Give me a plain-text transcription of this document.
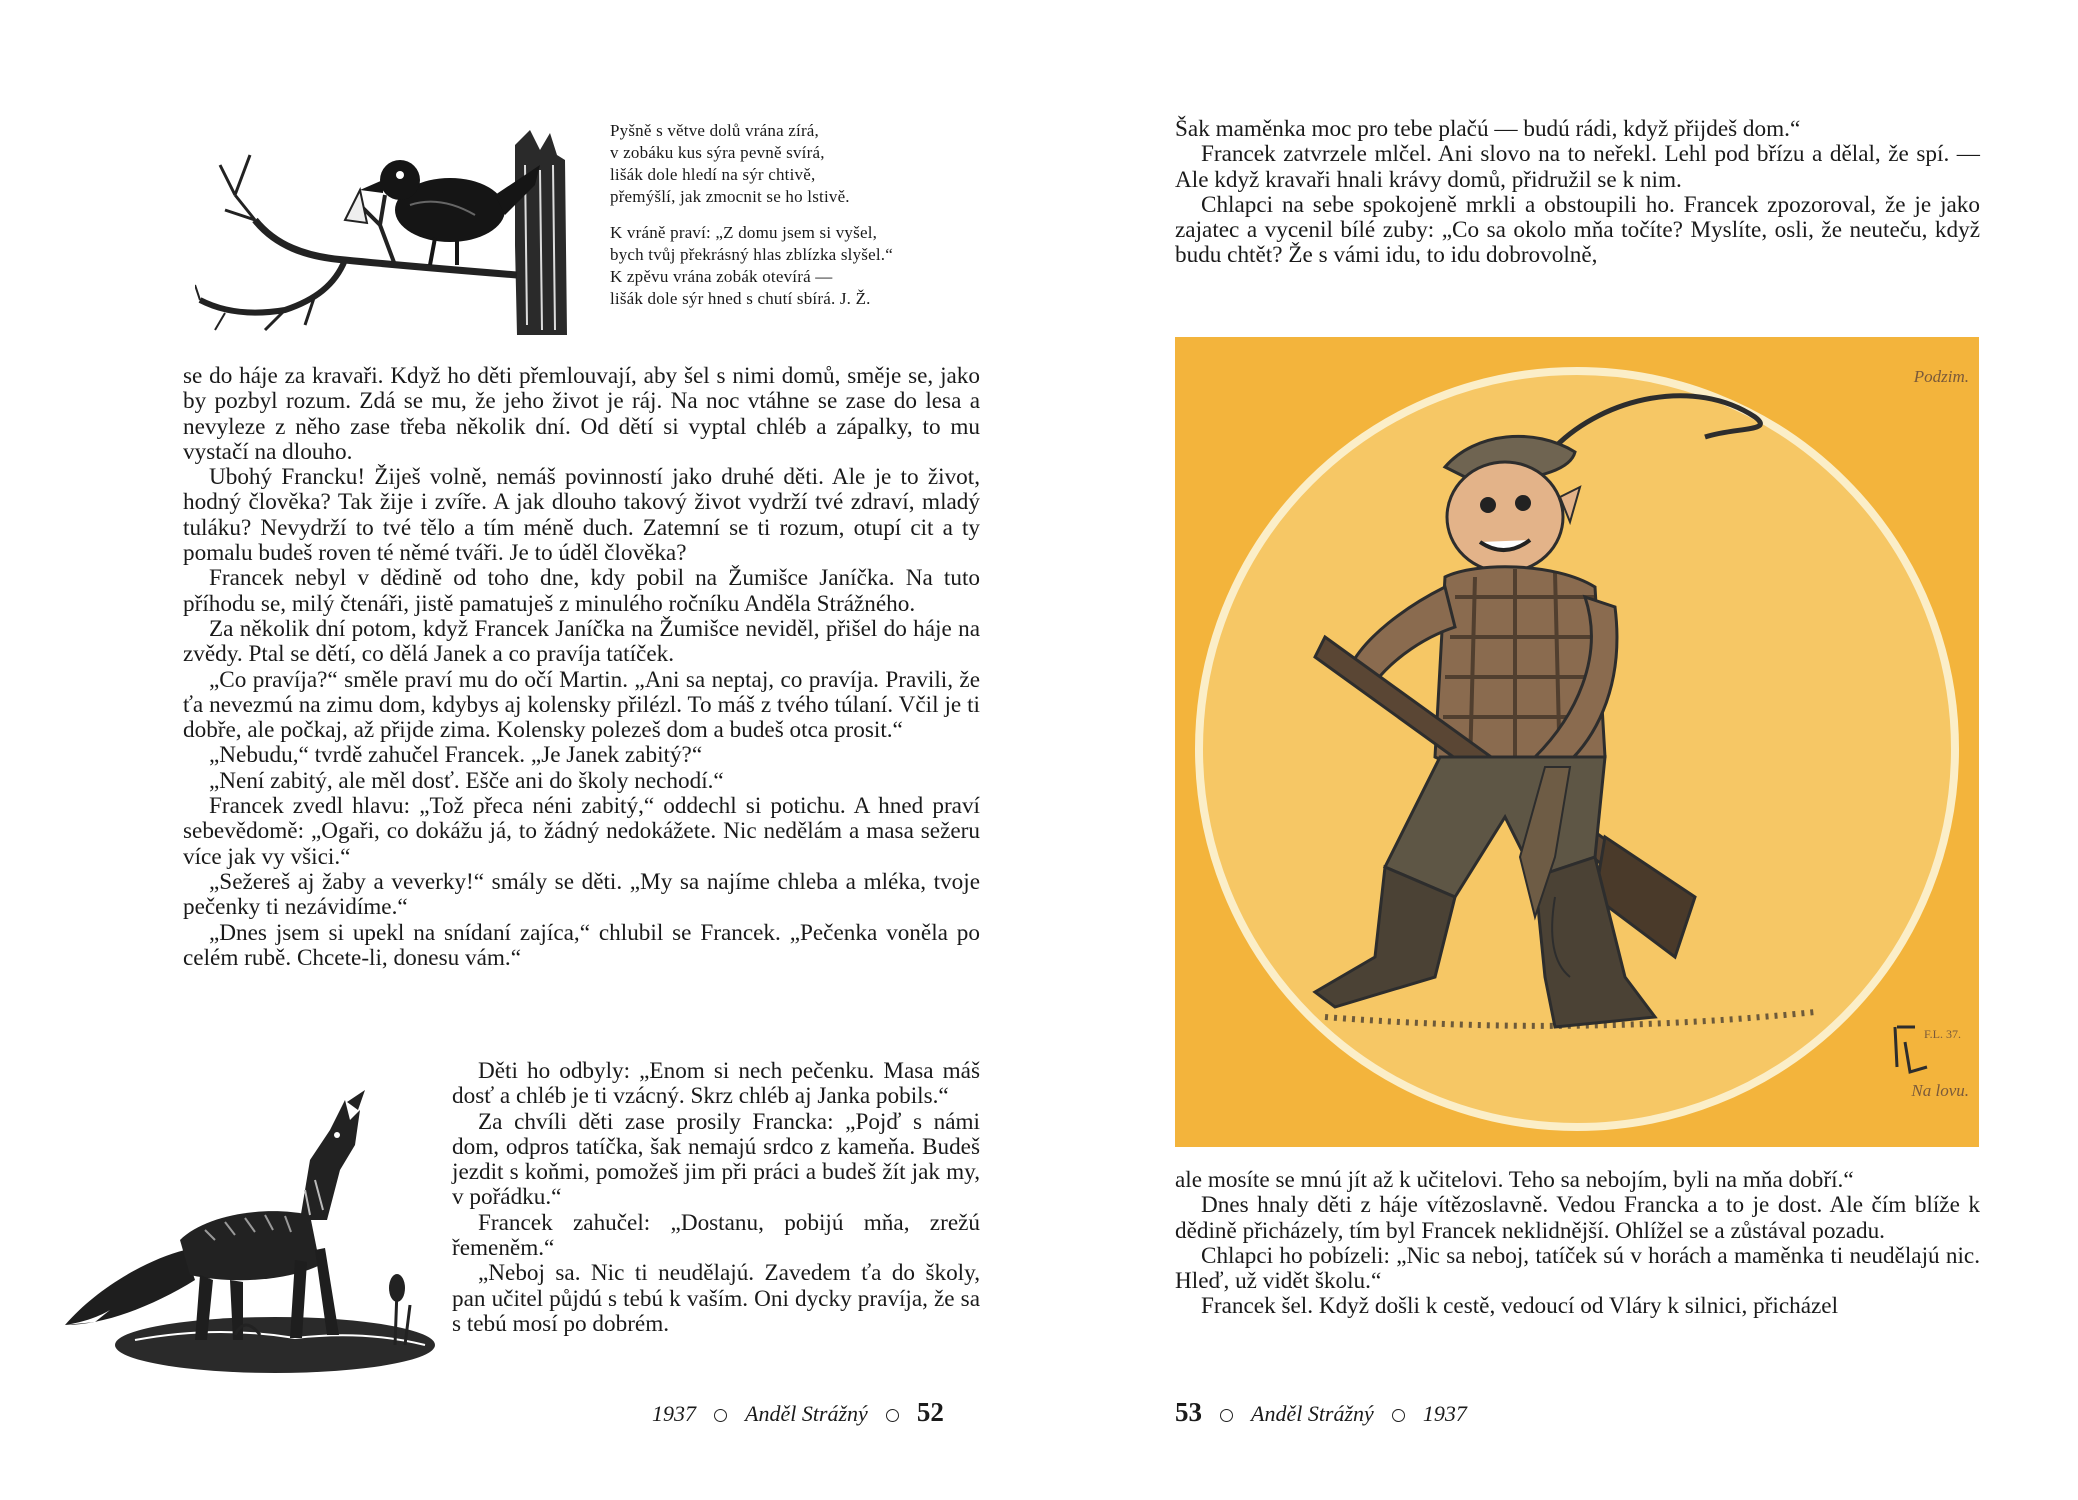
Pyšně s větve dolů vrána zírá,

v zobáku kus sýra pevně svírá,

lišák dole hledí na sýr chtivě,

přemýšlí, jak zmocnit se ho lstivě.

K vráně praví: „Z domu jsem si vyšel,

bych tvůj překrásný hlas zblízka slyšel.“

K zpěvu vrána zobák otevírá —

lišák dole sýr hned s chutí sbírá. J. Ž.

se do háje za kravaři. Když ho děti přemlouvají, aby šel s nimi domů, směje se, jako by pozbyl rozum. Zdá se mu, že jeho život je ráj. Na noc vtáhne se zase do lesa a nevyleze z něho zase třeba několik dní. Od dětí si vyptal chléb a zápalky, to mu vystačí na dlouho.

Ubohý Francku! Žiješ volně, nemáš povinností jako druhé děti. Ale je to život, hodný člověka? Tak žije i zvíře. A jak dlouho takový život vydrží tvé zdraví, mladý tuláku? Nevydrží to tvé tělo a tím méně duch. Zatemní se ti rozum, otupí cit a ty pomalu budeš roven té němé tváři. Je to úděl člověka?

Francek nebyl v dědině od toho dne, kdy pobil na Žumišce Janíčka. Na tuto příhodu se, milý čtenáři, jistě pamatuješ z minulého ročníku Anděla Strážného.

Za několik dní potom, když Francek Janíčka na Žumišce neviděl, přišel do háje na zvědy. Ptal se dětí, co dělá Janek a co pravíja tatíček.

„Co pravíja?“ směle praví mu do očí Martin. „Ani sa neptaj, co pravíja. Pravili, že ťa nevezmú na zimu dom, kdybys aj kolensky přilézl. To máš z tvého túlaní. Včil je ti dobře, ale počkaj, až přijde zima. Kolensky polezeš dom a budeš otca prosit.“

„Nebudu,“ tvrdě zahučel Francek. „Je Janek zabitý?“

„Není zabitý, ale měl dosť. Ešče ani do školy nechodí.“

Francek zvedl hlavu: „Tož přeca néni zabitý,“ oddechl si potichu. A hned praví sebevědomě: „Ogaři, co dokážu já, to žádný nedokážete. Nic nedělám a masa sežeru více jak vy všici.“

„Sežereš aj žaby a veverky!“ smály se děti. „My sa najíme chleba a mléka, tvoje pečenky ti nezávidíme.“

„Dnes jsem si upekl na snídaní zajíca,“ chlubil se Francek. „Pečenka voněla po celém rubě. Chcete-li, donesu vám.“

Děti ho odbyly: „Enom si nech pečenku. Masa máš dosť a chléb je ti vzácný. Skrz chléb aj Janka pobils.“

Za chvíli děti zase prosily Francka: „Pojď s námi dom, odpros tatíčka, šak nemajú srdco z kameňa. Budeš jezdit s koňmi, pomožeš jim při práci a budeš žít jak my, v pořádku.“

Francek zahučel: „Dostanu, pobijú mňa, zrežú řemeněm.“

„Neboj sa. Nic ti neudělajú. Zavedem ťa do školy, pan učitel půjdú s tebú k vaším. Oni dycky pravíja, že sa s tebú mosí po dobrém.

1937 Anděl Strážný 52

Šak maměnka moc pro tebe plačú — budú rádi, když přijdeš dom.“

Francek zatvrzele mlčel. Ani slovo na to neřekl. Lehl pod břízu a dělal, že spí. — Ale když kravaři hnali krávy domů, přidružil se k nim.

Chlapci na sebe spokojeně mrkli a obstoupili ho. Francek zpozoroval, že je jako zajatec a vycenil bílé zuby: „Co sa okolo mňa točíte? Myslíte, osli, že neuteču, když budu chtět? Že s vámi idu, to idu dobrovolně,

Podzim.
Na lovu.
F.L. 37.

ale mosíte se mnú jít až k učitelovi. Teho sa nebojím, byli na mňa dobří.“

Dnes hnaly děti z háje vítězoslavně. Vedou Francka a to je dost. Ale čím blíže k dědině přicházely, tím byl Francek neklidnější. Ohlížel se a zůstával pozadu.

Chlapci ho pobízeli: „Nic sa neboj, tatíček sú v horách a maměnka ti neudělajú nic. Hleď, už vidět školu.“

Francek šel. Když došli k cestě, vedoucí od Vláry k silnici, přicházel

53 Anděl Strážný 1937
